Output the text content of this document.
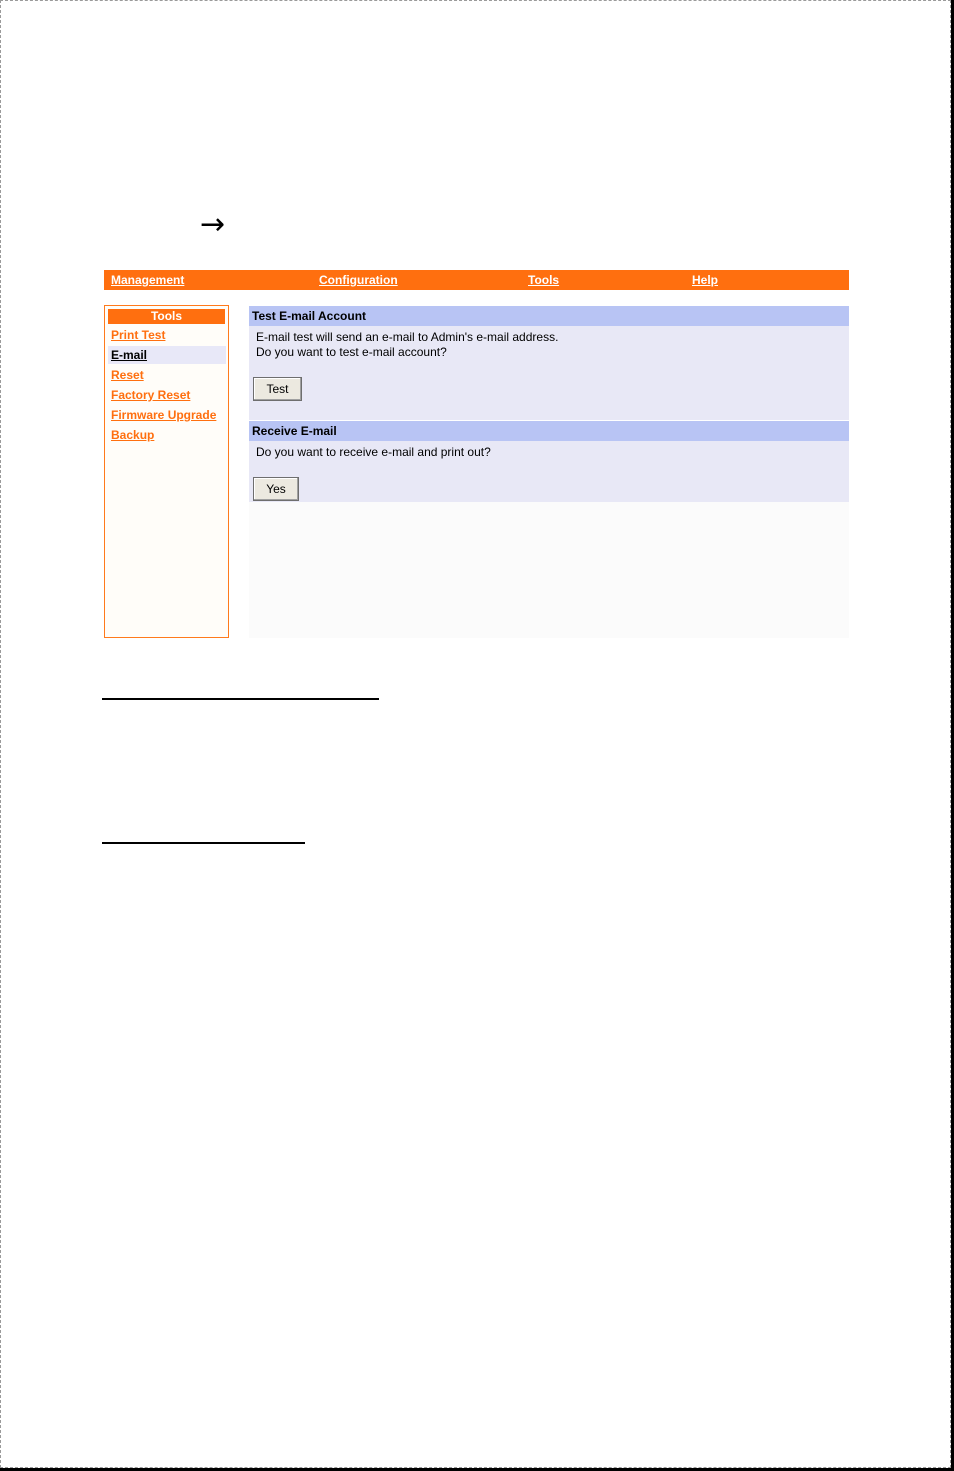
→
Management	Configuration	Tools	Help
Tools
Print Test
E-mail
Reset
Factory Reset
Firmware Upgrade
Backup
Test E-mail Account
E-mail test will send an e-mail to Admin's e-mail address.
Do you want to test e-mail account?
Test
Receive E-mail
Do you want to receive e-mail and print out?
Yes
